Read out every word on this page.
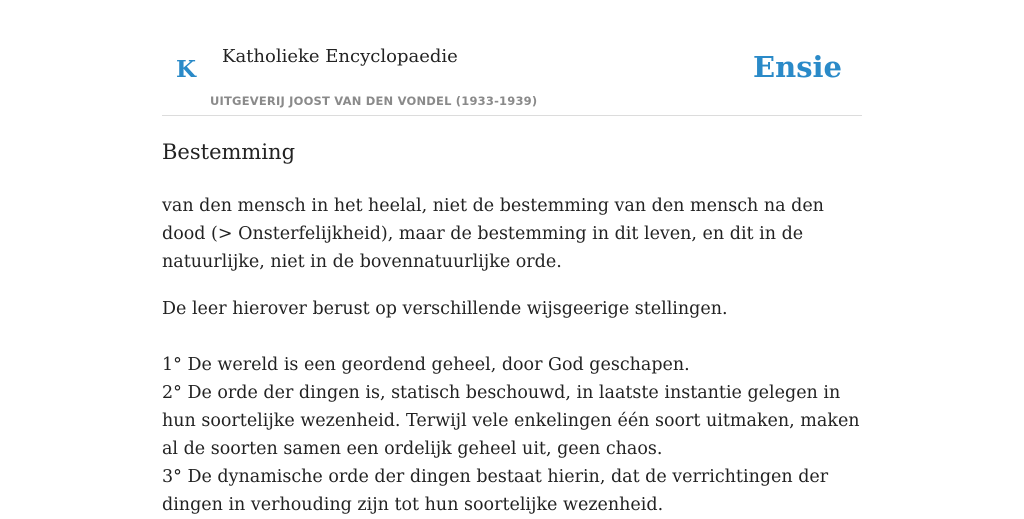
K Katholieke Encyclopaedie
UITGEVERIJ JOOST VAN DEN VONDEL (1933-1939)
Ensie
Bestemming

van den mensch in het heelal, niet de bestemming van den mensch na den dood (> Onsterfelijkheid), maar de bestemming in dit leven, en dit in de natuurlijke, niet in de bovennatuurlijke orde.

De leer hierover berust op verschillende wijsgeerige stellingen.

1° De wereld is een geordend geheel, door God geschapen.

2° De orde der dingen is, statisch beschouwd, in laatste instantie gelegen in hun soortelijke wezenheid. Terwijl vele enkelingen één soort uitmaken, maken al de soorten samen een ordelijk geheel uit, geen chaos.

3° De dynamische orde der dingen bestaat hierin, dat de verrichtingen der dingen in verhouding zijn tot hun soortelijke wezenheid.
